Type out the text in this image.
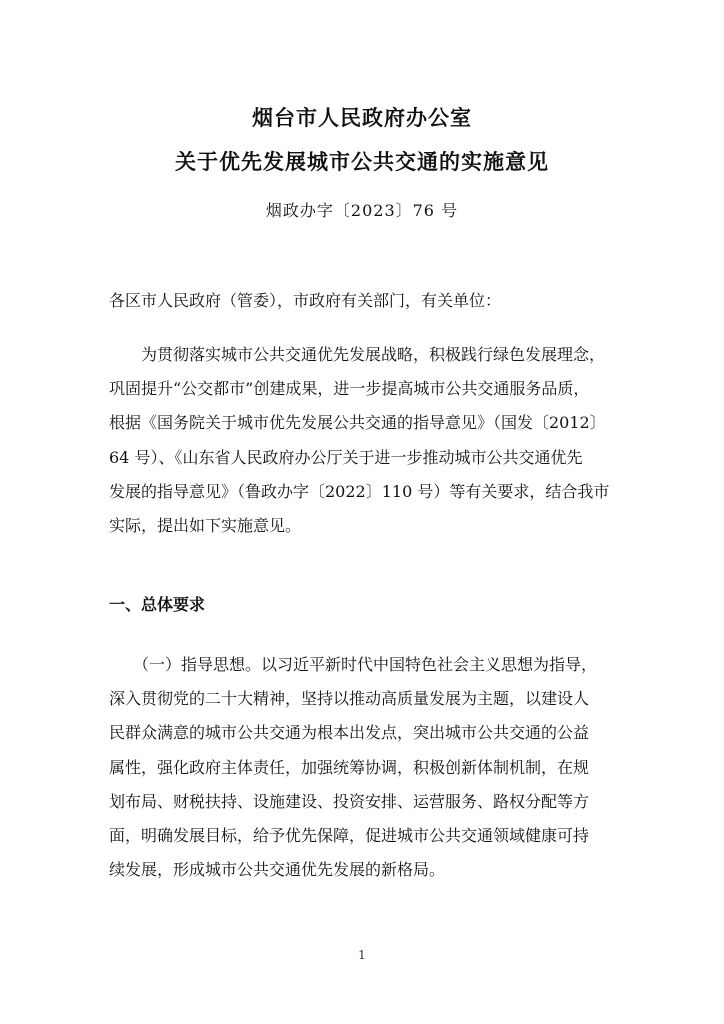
烟台市人民政府办公室
关于优先发展城市公共交通的实施意见
烟政办字〔2023〕76 号
各区市人民政府（管委），市政府有关部门，有关单位：
　　为贯彻落实城市公共交通优先发展战略，积极践行绿色发展理念，
巩固提升“公交都市”创建成果，进一步提高城市公共交通服务品质，
根据《国务院关于城市优先发展公共交通的指导意见》（国发〔2012〕
64 号）、《山东省人民政府办公厅关于进一步推动城市公共交通优先
发展的指导意见》（鲁政办字〔2022〕110 号）等有关要求，结合我市
实际，提出如下实施意见。
一、总体要求
　　（一）指导思想。以习近平新时代中国特色社会主义思想为指导，
深入贯彻党的二十大精神，坚持以推动高质量发展为主题，以建设人
民群众满意的城市公共交通为根本出发点，突出城市公共交通的公益
属性，强化政府主体责任，加强统筹协调，积极创新体制机制，在规
划布局、财税扶持、设施建设、投资安排、运营服务、路权分配等方
面，明确发展目标，给予优先保障，促进城市公共交通领域健康可持
续发展，形成城市公共交通优先发展的新格局。
1
